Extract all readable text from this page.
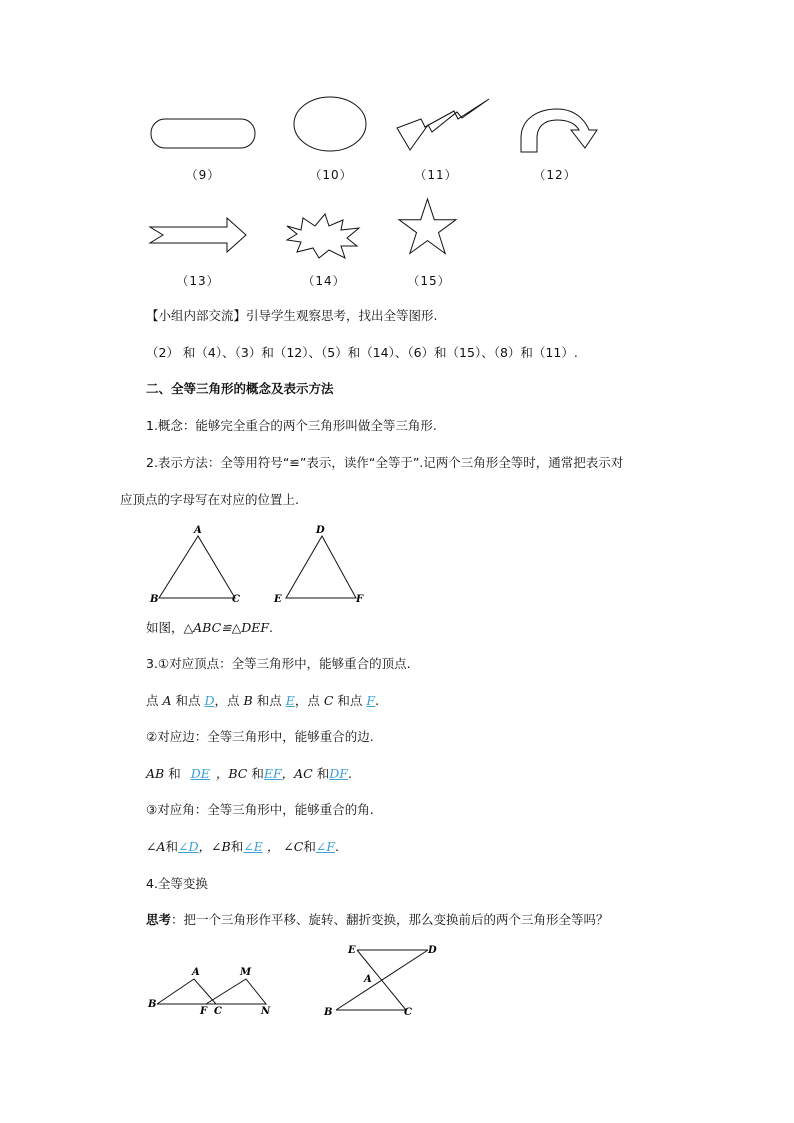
（9）	（10）	（11）	（12）
（13）	（14）	（15）
【小组内部交流】引导学生观察思考，找出全等图形.
（2） 和（4）、（3）和（12）、（5）和（14）、（6）和（15）、（8）和（11）.
二、全等三角形的概念及表示方法
1.概念：能够完全重合的两个三角形叫做全等三角形.
2.表示方法：全等用符号“≌”表示，读作“全等于”.记两个三角形全等时，通常把表示对
应顶点的字母写在对应的位置上.
A
B	C
D
E	F
如图，△ABC≌△DEF.
3.①对应顶点：全等三角形中，能够重合的顶点.
点 A 和点 D，点 B 和点 E，点 C 和点 F.
②对应边：全等三角形中，能够重合的边.
AB 和 DE ，BC 和EF，AC 和DF.
③对应角：全等三角形中，能够重合的角.
∠A和∠D，∠B和∠E ， ∠C和∠F.
4.全等变换
思考：把一个三角形作平移、旋转、翻折变换，那么变换前后的两个三角形全等吗？
A	M
B
F C	N
E	D
A
B	C
